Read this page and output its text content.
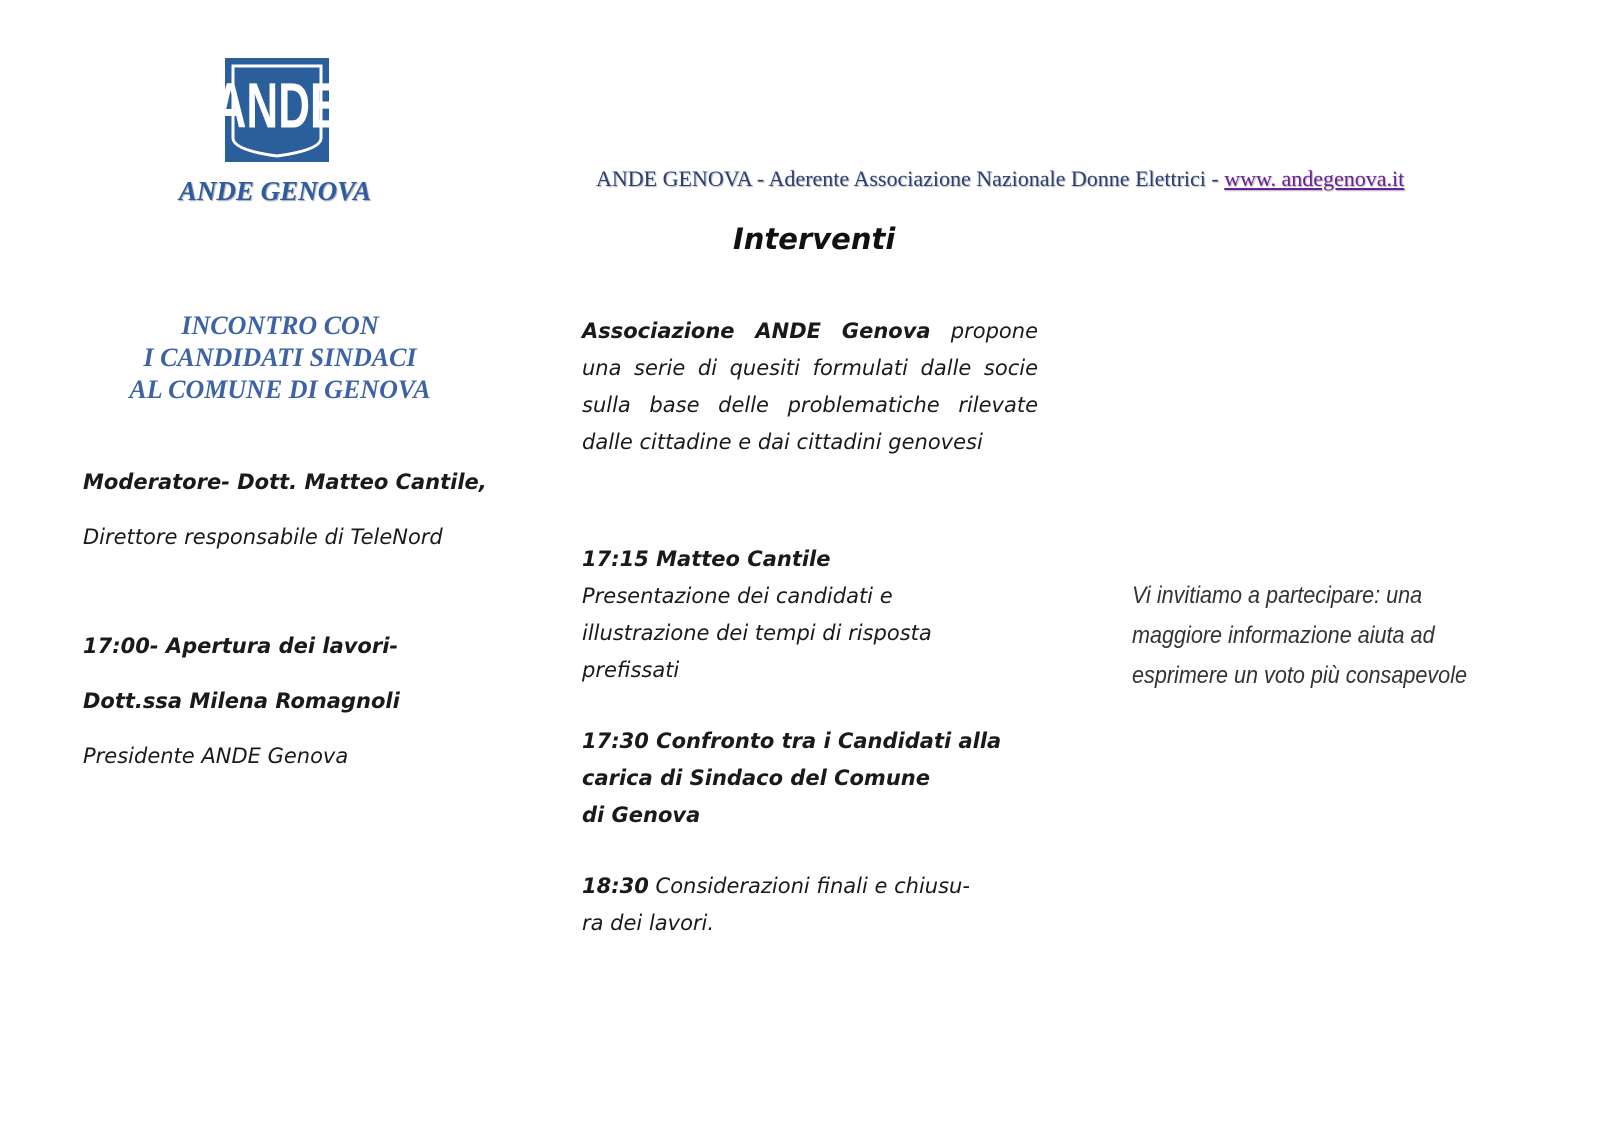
ANDE
ANDE GENOVA	ANDE GENOVA - Aderente Associazione Nazionale Donne Elettrici - www. andegenova.it
Interventi
INCONTRO CON
I CANDIDATI SINDACI
AL COMUNE DI GENOVA
Moderatore- Dott. Matteo Cantile,
Direttore responsabile di TeleNord
17:00- Apertura dei lavori-
Dott.ssa Milena Romagnoli
Presidente ANDE Genova
Associazione ANDE Genova propone una serie di quesiti formulati dalle socie sulla base delle problematiche rilevate dalle cittadine e dai cittadini genovesi
17:15 Matteo Cantile
Presentazione dei candidati e illustrazione dei tempi di risposta prefissati
17:30 Confronto tra i Candidati alla
carica di Sindaco del Comune
di Genova
18:30 Considerazioni finali e chiusu-
ra dei lavori.
Vi invitiamo a partecipare: una
maggiore informazione aiuta ad
esprimere un voto più consapevole
